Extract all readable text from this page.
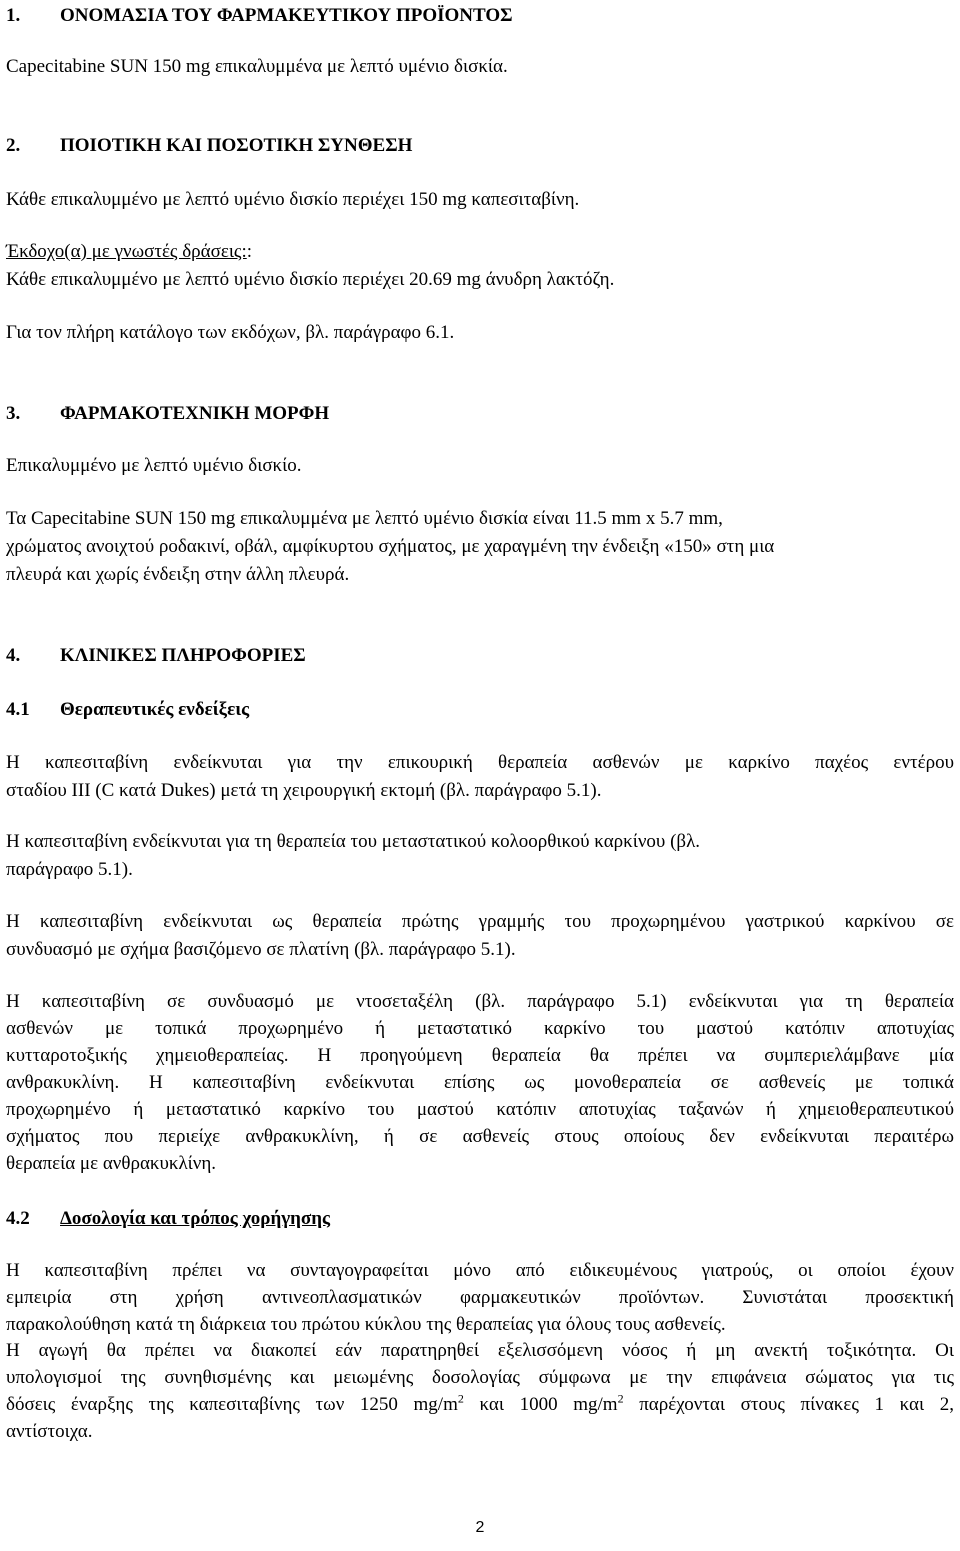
1. ΟΝΟΜΑΣΙΑ ΤΟΥ ΦΑΡΜΑΚΕΥΤΙΚΟΥ ΠΡΟΪΟΝΤΟΣ

Capecitabine SUN 150 mg επικαλυμμένα με λεπτό υμένιο δισκία.

2. ΠΟΙΟΤΙΚΗ ΚΑΙ ΠΟΣΟΤΙΚΗ ΣΥΝΘΕΣΗ

Κάθε επικαλυμμένο με λεπτό υμένιο δισκίο περιέχει 150 mg καπεσιταβίνη.

Έκδοχο(α) με γνωστές δράσεις::

Κάθε επικαλυμμένο με λεπτό υμένιο δισκίο περιέχει 20.69 mg άνυδρη λακτόζη.

Για τον πλήρη κατάλογο των εκδόχων, βλ. παράγραφο 6.1.

3. ΦΑΡΜΑΚΟΤΕΧΝΙΚΗ ΜΟΡΦΗ

Επικαλυμμένο με λεπτό υμένιο δισκίο.

Τα Capecitabine SUN 150 mg επικαλυμμένα με λεπτό υμένιο δισκία είναι 11.5 mm x 5.7 mm,

χρώματος ανοιχτού ροδακινί, οβάλ, αμφίκυρτου σχήματος, με χαραγμένη την ένδειξη «150» στη μια

πλευρά και χωρίς ένδειξη στην άλλη πλευρά.

4. ΚΛΙΝΙΚΕΣ ΠΛΗΡΟΦΟΡΙΕΣ

4.1 Θεραπευτικές ενδείξεις

Η καπεσιταβίνη ενδείκνυται για την επικουρική θεραπεία ασθενών με καρκίνο παχέος εντέρου

σταδίου ΙΙΙ (C κατά Dukes) μετά τη χειρουργική εκτομή (βλ. παράγραφο 5.1).

Η καπεσιταβίνη ενδείκνυται για τη θεραπεία του μεταστατικού κολοορθικού καρκίνου (βλ.

παράγραφο 5.1).

Η καπεσιταβίνη ενδείκνυται ως θεραπεία πρώτης γραμμής του προχωρημένου γαστρικού καρκίνου σε

συνδυασμό με σχήμα βασιζόμενο σε πλατίνη (βλ. παράγραφο 5.1).

Η καπεσιταβίνη σε συνδυασμό με ντοσεταξέλη (βλ. παράγραφο 5.1) ενδείκνυται για τη θεραπεία

ασθενών με τοπικά προχωρημένο ή μεταστατικό καρκίνο του μαστού κατόπιν αποτυχίας

κυτταροτοξικής χημειοθεραπείας. Η προηγούμενη θεραπεία θα πρέπει να συμπεριελάμβανε μία

ανθρακυκλίνη. Η καπεσιταβίνη ενδείκνυται επίσης ως μονοθεραπεία σε ασθενείς με τοπικά

προχωρημένο ή μεταστατικό καρκίνο του μαστού κατόπιν αποτυχίας ταξανών ή χημειοθεραπευτικού

σχήματος που περιείχε ανθρακυκλίνη, ή σε ασθενείς στους οποίους δεν ενδείκνυται περαιτέρω

θεραπεία με ανθρακυκλίνη.

4.2 Δοσολογία και τρόπος χορήγησης

Η καπεσιταβίνη πρέπει να συνταγογραφείται μόνο από ειδικευμένους γιατρούς, οι οποίοι έχουν

εμπειρία στη χρήση αντινεοπλασματικών φαρμακευτικών προϊόντων. Συνιστάται προσεκτική

παρακολούθηση κατά τη διάρκεια του πρώτου κύκλου της θεραπείας για όλους τους ασθενείς.

Η αγωγή θα πρέπει να διακοπεί εάν παρατηρηθεί εξελισσόμενη νόσος ή μη ανεκτή τοξικότητα. Οι

υπολογισμοί της συνηθισμένης και μειωμένης δοσολογίας σύμφωνα με την επιφάνεια σώματος για τις

δόσεις έναρξης της καπεσιταβίνης των 1250 $mg/m^2$ και 1000 $mg/m^2$ παρέχονται στους πίνακες 1 και 2,

αντίστοιχα.

2
